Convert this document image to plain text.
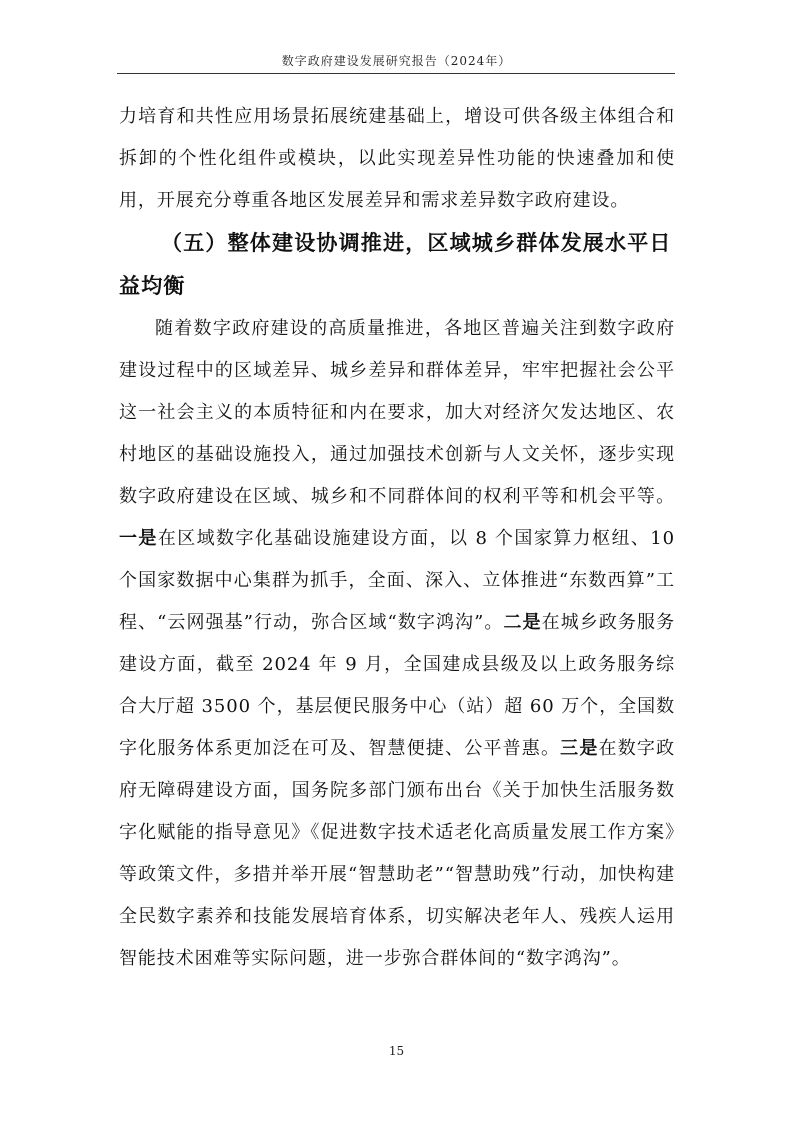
数字政府建设发展研究报告（2024年）

力培育和共性应用场景拓展统建基础上，增设可供各级主体组合和拆卸的个性化组件或模块，以此实现差异性功能的快速叠加和使用，开展充分尊重各地区发展差异和需求差异数字政府建设。

（五）整体建设协调推进，区域城乡群体发展水平日益均衡

随着数字政府建设的高质量推进，各地区普遍关注到数字政府建设过程中的区域差异、城乡差异和群体差异，牢牢把握社会公平这一社会主义的本质特征和内在要求，加大对经济欠发达地区、农村地区的基础设施投入，通过加强技术创新与人文关怀，逐步实现数字政府建设在区域、城乡和不同群体间的权利平等和机会平等。一是在区域数字化基础设施建设方面，以 8 个国家算力枢纽、10 个国家数据中心集群为抓手，全面、深入、立体推进“东数西算”工程、“云网强基”行动，弥合区域“数字鸿沟”。二是在城乡政务服务建设方面，截至 2024 年 9 月，全国建成县级及以上政务服务综合大厅超 3500 个，基层便民服务中心（站）超 60 万个，全国数字化服务体系更加泛在可及、智慧便捷、公平普惠。三是在数字政府无障碍建设方面，国务院多部门颁布出台《关于加快生活服务数字化赋能的指导意见》《促进数字技术适老化高质量发展工作方案》等政策文件，多措并举开展“智慧助老”“智慧助残”行动，加快构建全民数字素养和技能发展培育体系，切实解决老年人、残疾人运用智能技术困难等实际问题，进一步弥合群体间的“数字鸿沟”。

15
